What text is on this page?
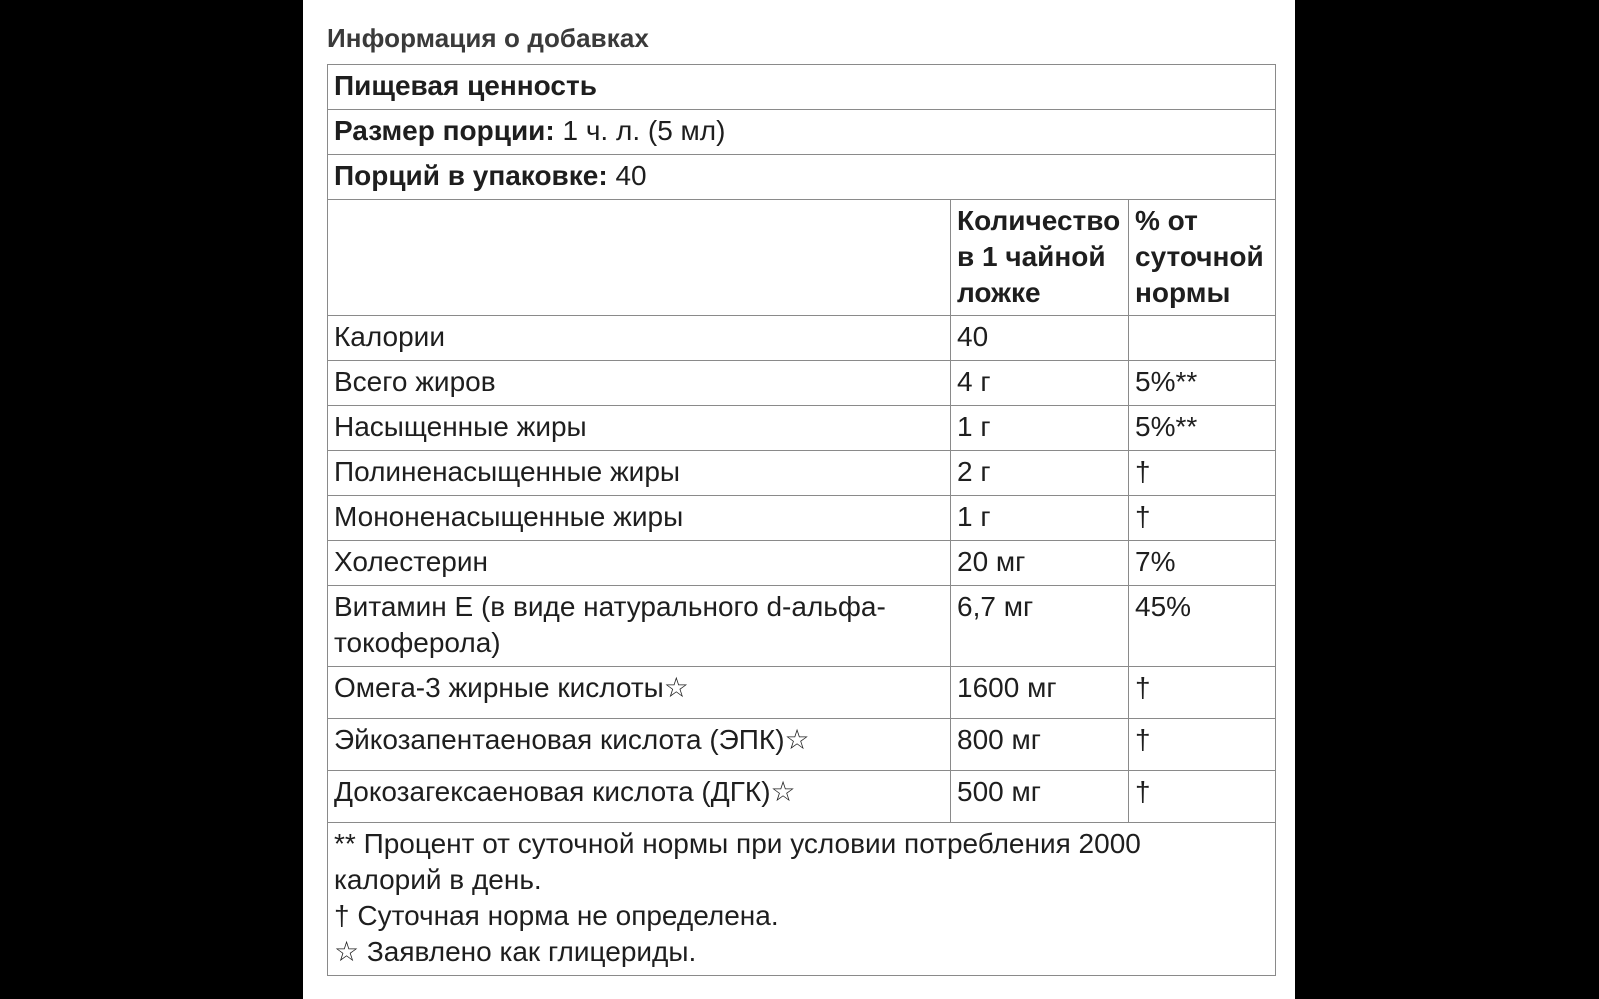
Информация о добавках
Пищевая ценность		
Размер порции: 1 ч. л. (5 мл)		
Порций в упаковке: 40		
	Количество в 1 чайной ложке	% от суточной нормы
Калории	40	
Всего жиров	4 г	5%**
Насыщенные жиры	1 г	5%**
Полиненасыщенные жиры	2 г	†
Мононенасыщенные жиры	1 г	†
Холестерин	20 мг	7%
Витамин E (в виде натурального d-альфа-токоферола)	6,7 мг	45%
Омега-3 жирные кислоты☆	1600 мг	†
Эйкозапентаеновая кислота (ЭПК)☆	800 мг	†
Докозагексаеновая кислота (ДГК)☆	500 мг	†

** Процент от суточной нормы при условии потребления 2000 калорий в день.
† Суточная норма не определена.
☆ Заявлено как глицериды.		
